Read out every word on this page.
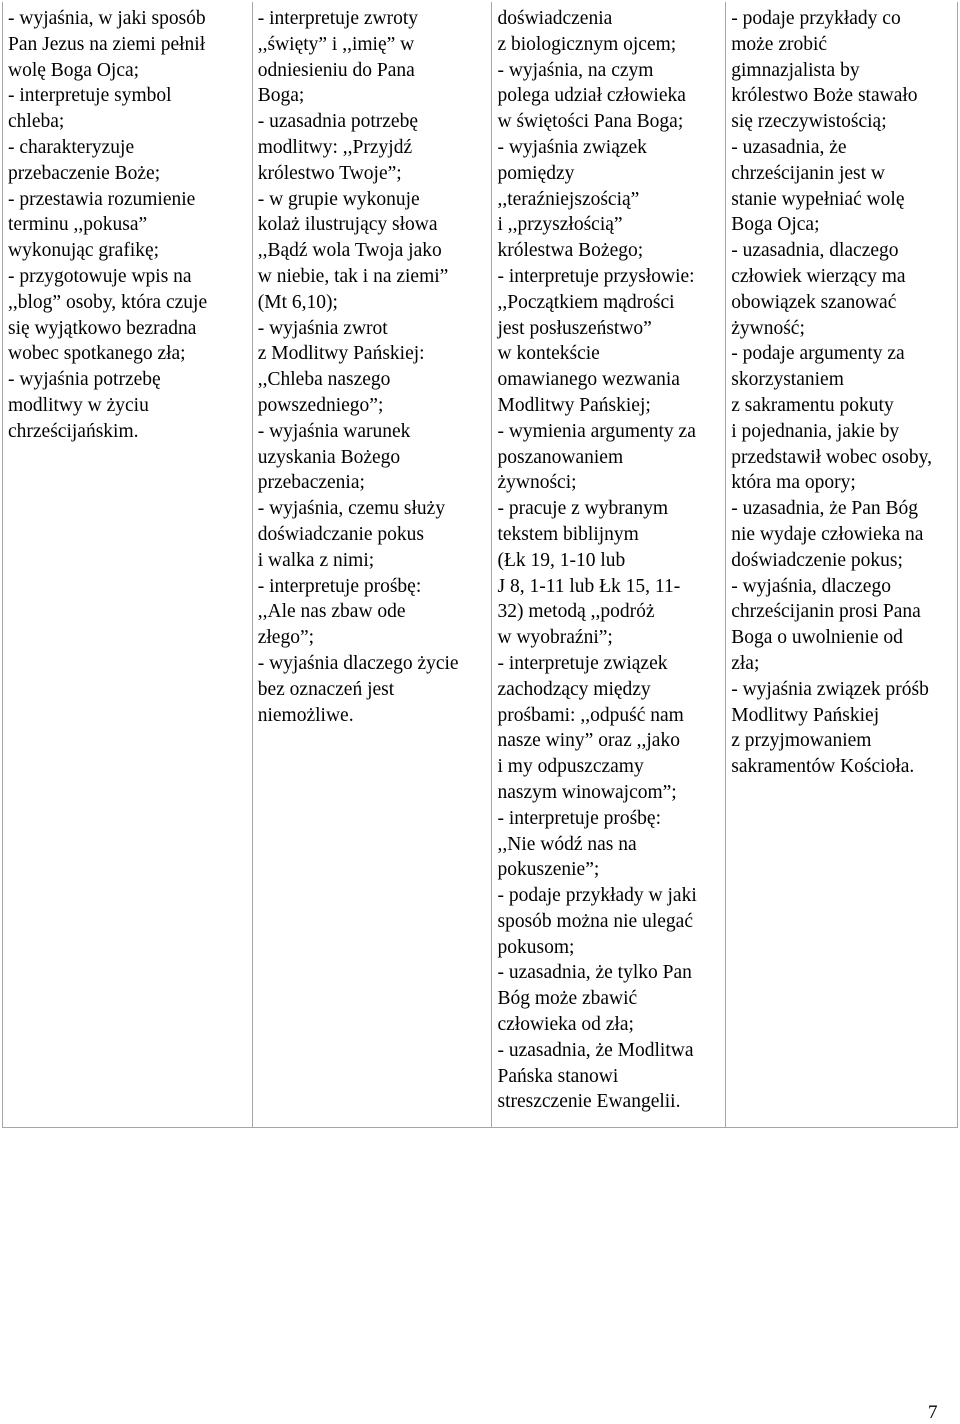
- wyjaśnia, w jaki sposób
Pan Jezus na ziemi pełnił
wolę Boga Ojca;
- interpretuje symbol
chleba;
- charakteryzuje
przebaczenie Boże;
- przestawia rozumienie
terminu ,,pokusa”
wykonując grafikę;
- przygotowuje wpis na
,,blog” osoby, która czuje
się wyjątkowo bezradna
wobec spotkanego zła;
- wyjaśnia potrzebę
modlitwy w życiu
chrześcijańskim.
- interpretuje zwroty
,,święty” i ,,imię” w
odniesieniu do Pana
Boga;
- uzasadnia potrzebę
modlitwy: ,,Przyjdź
królestwo Twoje”;
- w grupie wykonuje
kolaż ilustrujący słowa
,,Bądź wola Twoja jako
w niebie, tak i na ziemi”
(Mt 6,10);
- wyjaśnia zwrot
z Modlitwy Pańskiej:
,,Chleba naszego
powszedniego”;
- wyjaśnia warunek
uzyskania Bożego
przebaczenia;
- wyjaśnia, czemu służy
doświadczanie pokus
i walka z nimi;
- interpretuje prośbę:
,,Ale nas zbaw ode
złego”;
- wyjaśnia dlaczego życie
bez oznaczeń jest
niemożliwe.
doświadczenia
z biologicznym ojcem;
- wyjaśnia, na czym
polega udział człowieka
w świętości Pana Boga;
- wyjaśnia związek
pomiędzy
,,teraźniejszością”
i ,,przyszłością”
królestwa Bożego;
- interpretuje przysłowie:
,,Początkiem mądrości
jest posłuszeństwo”
w kontekście
omawianego wezwania
Modlitwy Pańskiej;
- wymienia argumenty za
poszanowaniem
żywności;
- pracuje z wybranym
tekstem biblijnym
(Łk 19, 1-10 lub
J 8, 1-11 lub Łk 15, 11-
32) metodą ,,podróż
w wyobraźni”;
- interpretuje związek
zachodzący między
prośbami: ,,odpuść nam
nasze winy” oraz ,,jako
i my odpuszczamy
naszym winowajcom”;
- interpretuje prośbę:
,,Nie wódź nas na
pokuszenie”;
- podaje przykłady w jaki
sposób można nie ulegać
pokusom;
- uzasadnia, że tylko Pan
Bóg może zbawić
człowieka od zła;
- uzasadnia, że Modlitwa
Pańska stanowi
streszczenie Ewangelii.
- podaje przykłady co
może zrobić
gimnazjalista by
królestwo Boże stawało
się rzeczywistością;
- uzasadnia, że
chrześcijanin jest w
stanie wypełniać wolę
Boga Ojca;
- uzasadnia, dlaczego
człowiek wierzący ma
obowiązek szanować
żywność;
- podaje argumenty za
skorzystaniem
z sakramentu pokuty
i pojednania, jakie by
przedstawił wobec osoby,
która ma opory;
- uzasadnia, że Pan Bóg
nie wydaje człowieka na
doświadczenie pokus;
- wyjaśnia, dlaczego
chrześcijanin prosi Pana
Boga o uwolnienie od
zła;
- wyjaśnia związek próśb
Modlitwy Pańskiej
z przyjmowaniem
sakramentów Kościoła.
7
